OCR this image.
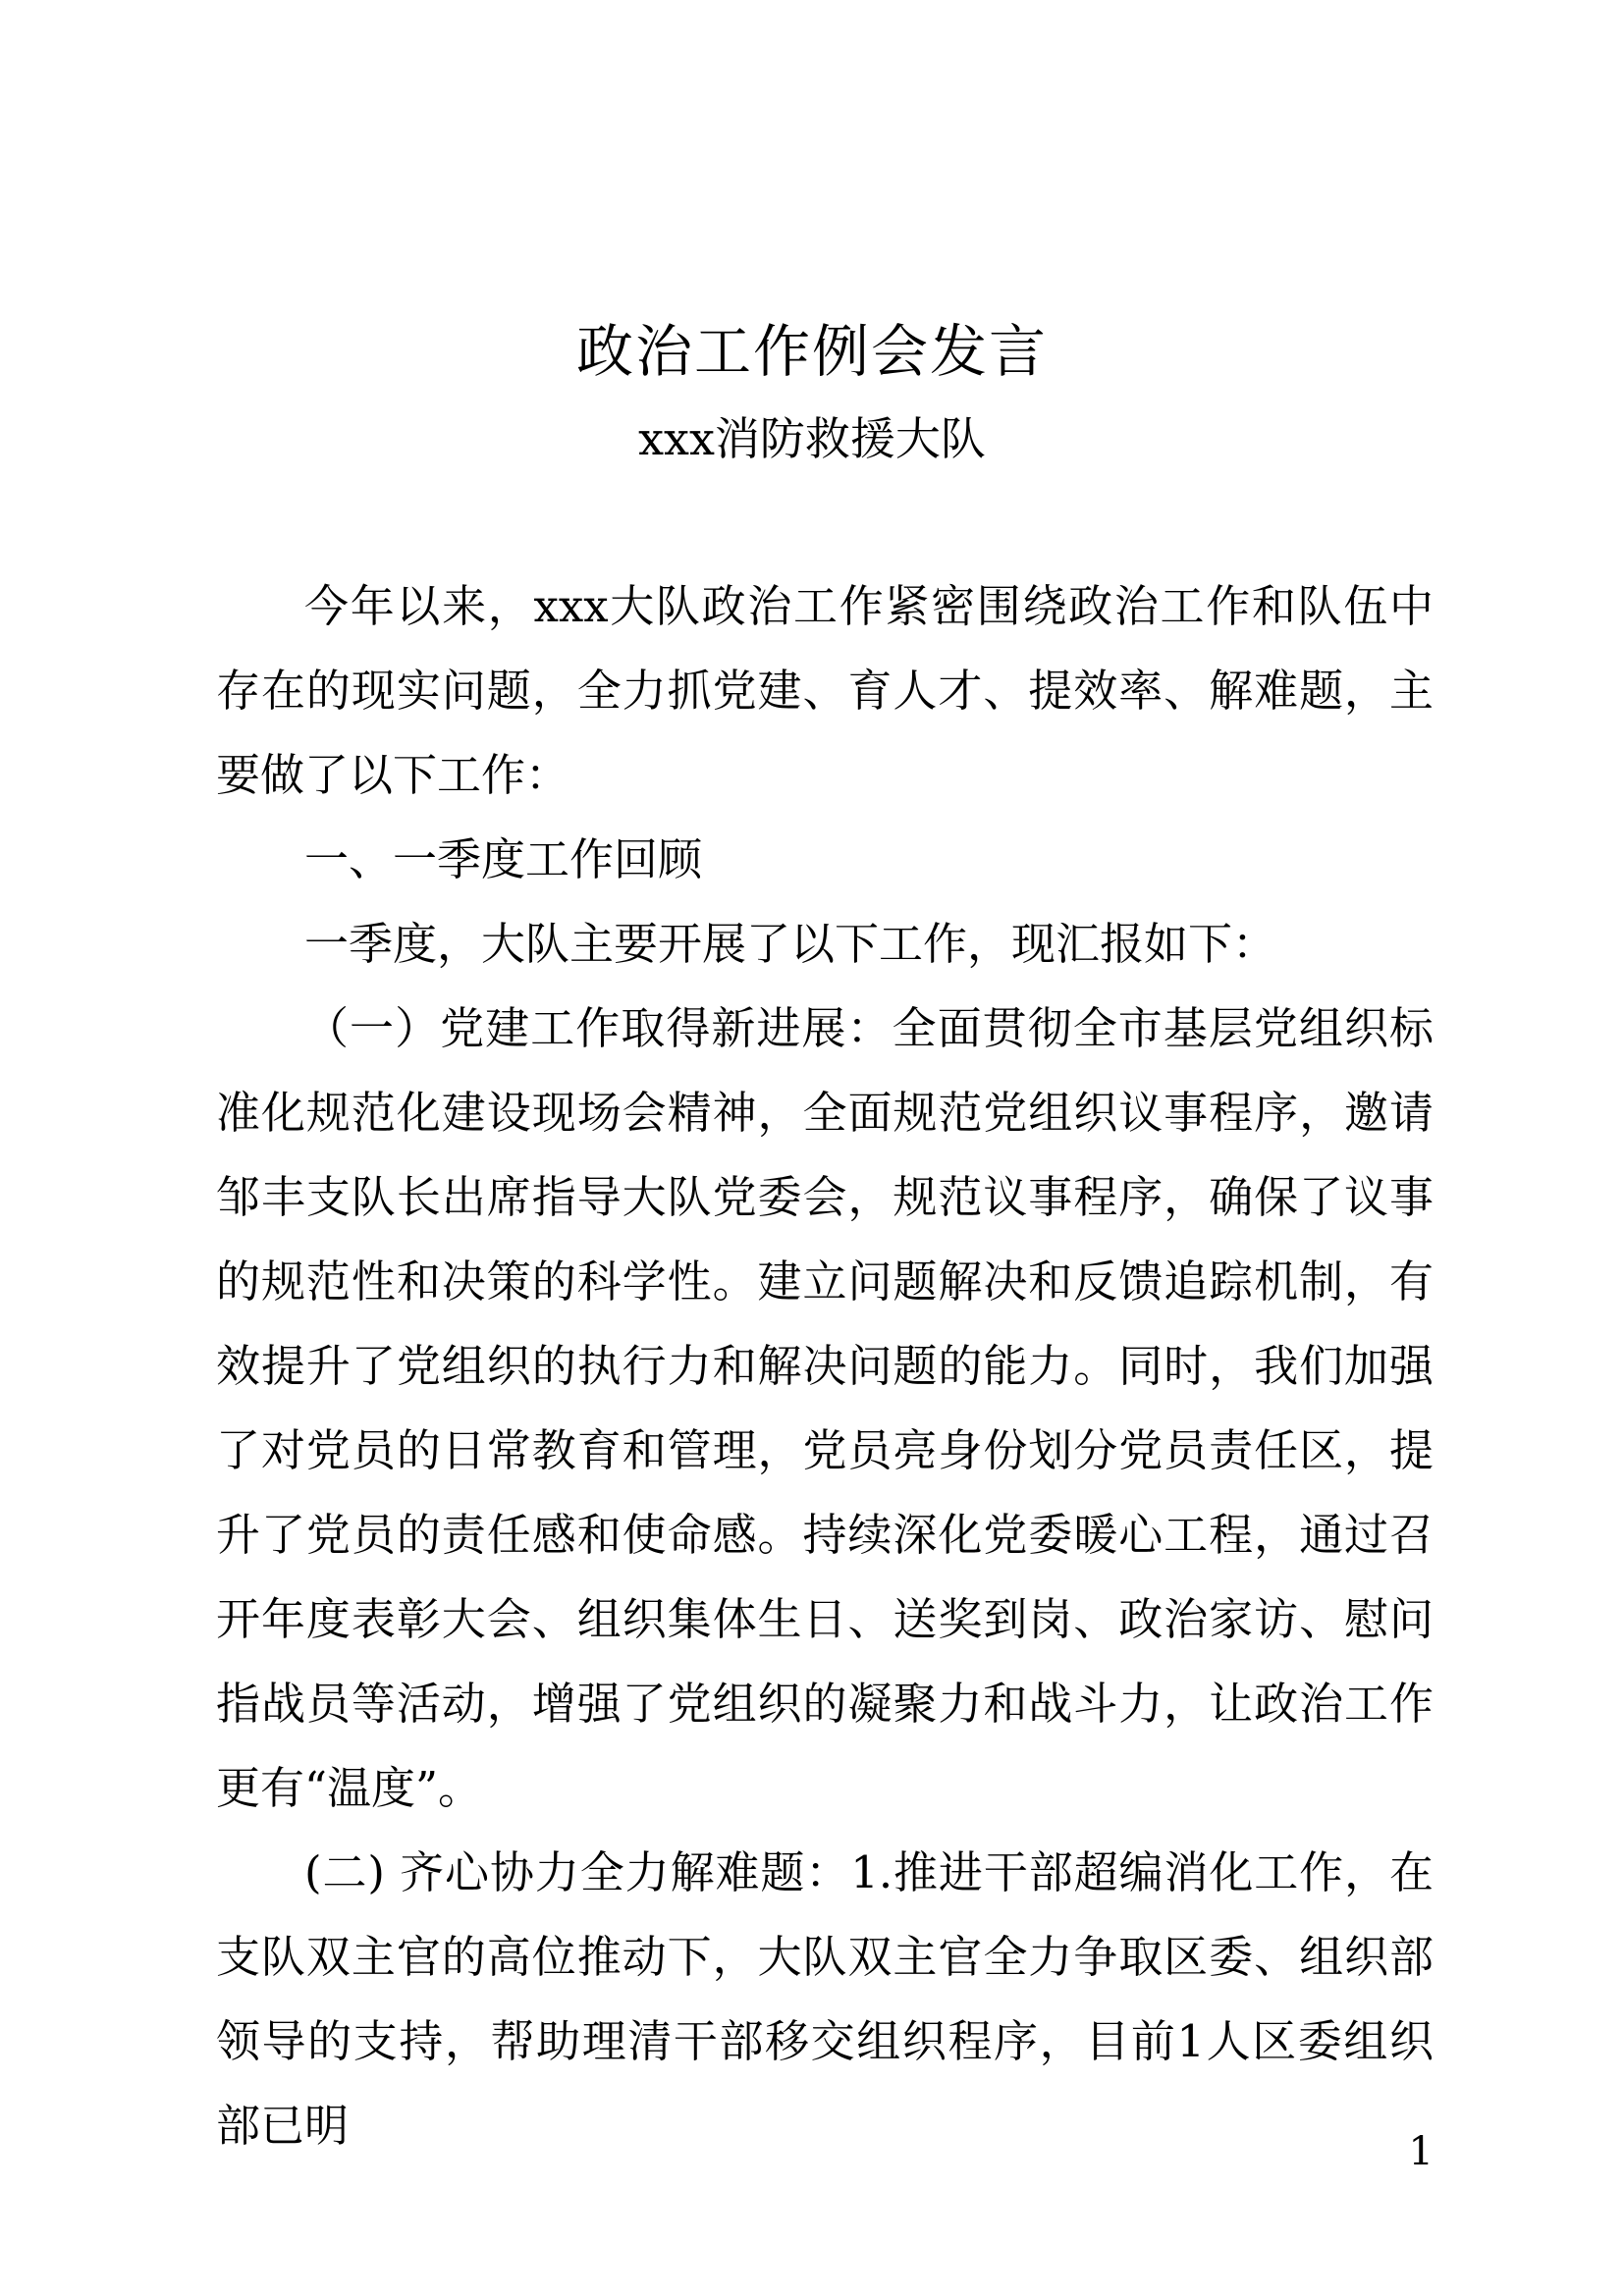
政治工作例会发言
xxx消防救援大队

今年以来，xxx大队政治工作紧密围绕政治工作和队伍中存在的现实问题，全力抓党建、育人才、提效率、解难题，主要做了以下工作：

一、一季度工作回顾

一季度，大队主要开展了以下工作，现汇报如下：

（一）党建工作取得新进展：全面贯彻全市基层党组织标准化规范化建设现场会精神，全面规范党组织议事程序，邀请邹丰支队长出席指导大队党委会，规范议事程序，确保了议事的规范性和决策的科学性。建立问题解决和反馈追踪机制，有效提升了党组织的执行力和解决问题的能力。同时，我们加强了对党员的日常教育和管理，党员亮身份划分党员责任区，提升了党员的责任感和使命感。持续深化党委暖心工程，通过召开年度表彰大会、组织集体生日、送奖到岗、政治家访、慰问指战员等活动，增强了党组织的凝聚力和战斗力，让政治工作更有“温度”。

(二) 齐心协力全力解难题：1.推进干部超编消化工作，在支队双主官的高位推动下，大队双主官全力争取区委、组织部领导的支持，帮助理清干部移交组织程序，目前1人区委组织部已明	1
